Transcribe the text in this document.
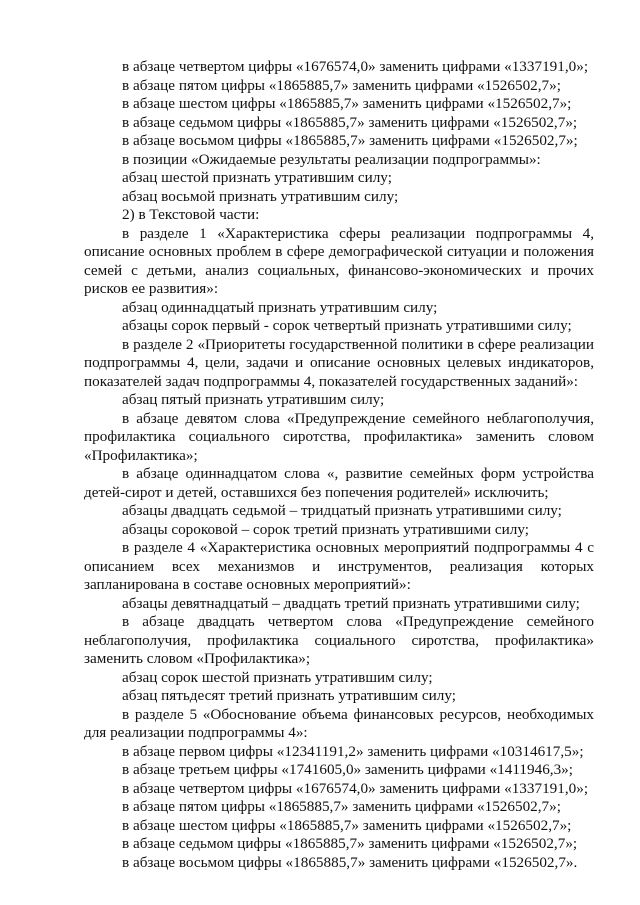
в абзаце четвертом цифры «1676574,0» заменить цифрами «1337191,0»;
в абзаце пятом цифры «1865885,7» заменить цифрами «1526502,7»;
в абзаце шестом цифры «1865885,7» заменить цифрами «1526502,7»;
в абзаце седьмом цифры «1865885,7» заменить цифрами «1526502,7»;
в абзаце восьмом цифры «1865885,7» заменить цифрами «1526502,7»;
в позиции «Ожидаемые результаты реализации подпрограммы»:
абзац шестой признать утратившим силу;
абзац восьмой признать утратившим силу;
2) в Текстовой части:
в разделе 1 «Характеристика сферы реализации подпрограммы 4,
описание основных проблем в сфере демографической ситуации и положения
семей с детьми, анализ социальных, финансово-экономических и прочих
рисков ее развития»:
абзац одиннадцатый признать утратившим силу;
абзацы сорок первый - сорок четвертый признать утратившими силу;
в разделе 2 «Приоритеты государственной политики в сфере реализации
подпрограммы 4, цели, задачи и описание основных целевых индикаторов,
показателей задач подпрограммы 4, показателей государственных заданий»:
абзац пятый признать утратившим силу;
в абзаце девятом слова «Предупреждение семейного неблагополучия,
профилактика социального сиротства, профилактика» заменить словом
«Профилактика»;
в абзаце одиннадцатом слова «, развитие семейных форм устройства
детей-сирот и детей, оставшихся без попечения родителей» исключить;
абзацы двадцать седьмой – тридцатый признать утратившими силу;
абзацы сороковой – сорок третий признать утратившими силу;
в разделе 4 «Характеристика основных мероприятий подпрограммы 4 с
описанием всех механизмов и инструментов, реализация которых
запланирована в составе основных мероприятий»:
абзацы девятнадцатый – двадцать третий признать утратившими силу;
в абзаце двадцать четвертом слова «Предупреждение семейного
неблагополучия, профилактика социального сиротства, профилактика»
заменить словом «Профилактика»;
абзац сорок шестой признать утратившим силу;
абзац пятьдесят третий признать утратившим силу;
в разделе 5 «Обоснование объема финансовых ресурсов, необходимых
для реализации подпрограммы 4»:
в абзаце первом цифры «12341191,2» заменить цифрами «10314617,5»;
в абзаце третьем цифры «1741605,0» заменить цифрами «1411946,3»;
в абзаце четвертом цифры «1676574,0» заменить цифрами «1337191,0»;
в абзаце пятом цифры «1865885,7» заменить цифрами «1526502,7»;
в абзаце шестом цифры «1865885,7» заменить цифрами «1526502,7»;
в абзаце седьмом цифры «1865885,7» заменить цифрами «1526502,7»;
в абзаце восьмом цифры «1865885,7» заменить цифрами «1526502,7».
